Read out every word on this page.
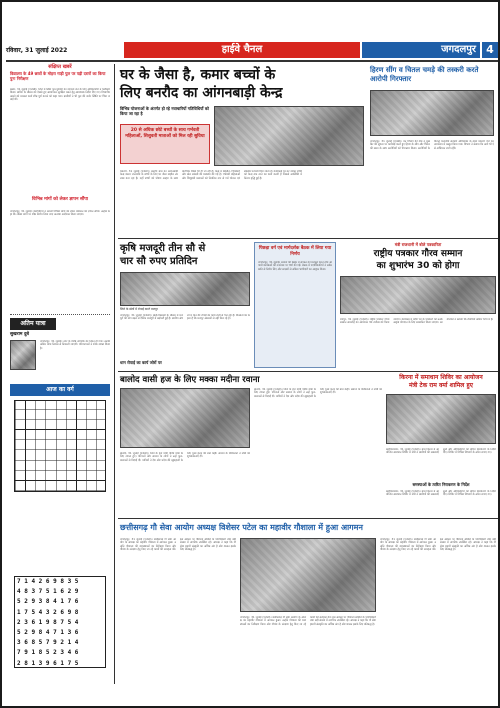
रविवार, 31 जुलाई 2022	हाईवे चैनल	जगदलपुर 4
संक्षिप्त खबरें
विद्यालय के 49 छात्रों के मोहरा गाड़ी पुल पर पड़ी दरारों का किया पुनः निरीक्षण
बस्तर, 31 जुलाई (एजेंसी)। जिले में स्थित पुल-पुलियों का जायजा लेने के लिए अधिकारियों ने निरीक्षण किया। बारिश के मौसम को देखते हुए आवागमन सुरक्षित रखने हेतु आवश्यक निर्देश दिए गए। विभागीय अमले को मरम्मत कार्य शीघ्र पूर्ण कराने को कहा गया। ग्रामीणों ने भी पुल की जर्जर स्थिति पर चिंता जताई थी।
विभिन्न मांगों को लेकर ज्ञापन सौंपा
जगदलपुर, 31 जुलाई। कर्मचारियों ने अपनी विभिन्न मांगों को लेकर प्रशासन को ज्ञापन सौंपा। उन्होंने कहा कि लंबित मांगों पर शीघ्र निर्णय लिया जाए अन्यथा आंदोलन किया जाएगा।
अतिम यात्रा
सुखराम दुबे
जगदलपुर, 31 जुलाई। नगर के वरिष्ठ नागरिक का निधन हो गया। उनकी अंतिम यात्रा निवास से निकाली जाएगी। परिवारजनों ने शोक व्यक्त किया है।
आज का वर्ग
7 1 4 2 6 9 8 3 5
4 8 3 7 5 1 6 2 9
5 2 9 3 8 4 1 7 6
1 7 5 4 3 2 6 9 8
2 3 6 1 9 8 7 5 4
5 2 9 8 4 7 1 3 6
3 6 8 5 7 9 2 1 4
7 9 1 8 5 2 3 4 6
2 8 1 3 9 6 1 7 5
घर के जैसा है, कमार बच्चों के
लिए बनरौद का आंगनबाड़ी केन्द्र
विभिन्न योजनाओं के अंतर्गत हो रहे नवाचारियों गतिविधियाँ को किया जा रहा है
20 से अधिक छोटे बच्चों के साथ गर्भवती महिलाओं, शिशुवती माताओं को मिल रही सुविधा
धमतरी, 31 जुलाई (एजेंसी)। बनरौद ग्राम का आंगनबाड़ी केन्द्र कमार जनजाति के बच्चों के लिए घर जैसा माहौल उपलब्ध करा रहा है। यहाँ बच्चों को पोषण आहार के साथ प्रारंभिक शिक्षा भी दी जा रही है। केन्द्र में खिलौने, चित्रकारी और खेल सामग्री की व्यवस्था की गई है। गर्भवती महिलाओं और शिशुवती माताओं को नियमित रूप से गर्म भोजन एवं स्वास्थ्य परामर्श दिया जाता है। कार्यकर्ता घर-घर जाकर बच्चों को केन्द्र तक लाने का कार्य करती हैं जिससे उपस्थिति में निरंतर वृद्धि हुई है।
हिरण सींग व चितल चमड़े की तस्करी करते आरोपी गिरफ्तार
जगदलपुर, 31 जुलाई (एजेंसी)। वन विभाग की टीम ने मुखबिर की सूचना पर कार्रवाई करते हुए हिरण के सींग और चितल की खाल के साथ आरोपियों को गिरफ्तार किया। आरोपियों के विरुद्ध वन्यजीव संरक्षण अधिनियम के तहत प्रकरण दर्ज कर न्यायालय में प्रस्तुत किया गया। विभाग ने बताया कि आगे भी ऐसे अभियान जारी रहेंगे।
कृषि मजदूरी तीन सौ से
चार सौ रुपए प्रतिदिन
जिले के खेतों में रोपाई करते मजदूर
जगदलपुर, 31 जुलाई (एजेंसी)। खेती-किसानी के मौसम में मजदूरों की मांग बढ़ने से दैनिक मजदूरी में बढ़ोतरी हुई है। ग्रामीण अंचलों में धान की रोपाई का कार्य तेजी से चल रहा है। किसानों का कहना है कि मजदूर आसानी से नहीं मिल रहे हैं।
धान रोपाई का कार्य जोरों पर
पिछड़ा वर्ग एवं मार्गदर्शक बैठक में लिया गया निर्णय
जगदलपुर, 31 जुलाई। समाज की बैठक में संगठन को मजबूत करने तथा आगामी कार्यक्रमों की रूपरेखा पर चर्चा की गई। बैठक में पदाधिकारियों ने सर्वसम्मति से निर्णय लिए और सदस्यों से सक्रिय भागीदारी का आह्वान किया।
मंत्री राजधानी में बोले पत्रकारिता
राष्ट्रीय पत्रकार गौरव सम्मान
का शुभारंभ 30 को होगा
रायपुर, 31 जुलाई (एजेंसी)। राष्ट्रीय पत्रकार गौरव सम्मान समारोह का आयोजन 30 तारीख को किया जाएगा। कार्यक्रम में प्रदेश भर के पत्रकारों को उनके उत्कृष्ट योगदान के लिए सम्मानित किया जाएगा। आयोजकों ने बताया कि तैयारियाँ अंतिम चरण में हैं।
बालोद वासी हज के लिए मक्का मदीना रवाना
बालोद, 31 जुलाई (एजेंसी)। जिले के हज यात्री पवित्र यात्रा के लिए रवाना हुए। परिजनों और समाज के लोगों ने उन्हें फूल-मालाओं से विदाई दी। यात्रियों ने देश और प्रदेश की खुशहाली के लिए दुआ करने की बात कही। समाज के वरिष्ठजनों ने सभी को शुभकामनाएँ दीं।
बालोद, 31 जुलाई (एजेंसी)। जिले के हज यात्री पवित्र यात्रा के लिए रवाना हुए। परिजनों और समाज के लोगों ने उन्हें फूल-मालाओं से विदाई दी। यात्रियों ने देश और प्रदेश की खुशहाली के लिए दुआ करने की बात कही। समाज के वरिष्ठजनों ने सभी को शुभकामनाएँ दीं।
किरना में समाधान शिविर का आयोजन
मंत्री टेक राम वर्मा शामिल हुए
बलौदाबाजार, 31 जुलाई (एजेंसी)। ग्राम किरना में आयोजित समाधान शिविर में मंत्री ने ग्रामीणों की समस्याएँ सुनीं और अधिकारियों को त्वरित निराकरण के निर्देश दिए। शिविर में विभिन्न विभागों के स्टॉल लगाए गए।
समस्याओं के त्वरित निराकरण के निर्देश
बलौदाबाजार, 31 जुलाई (एजेंसी)। ग्राम किरना में आयोजित समाधान शिविर में मंत्री ने ग्रामीणों की समस्याएँ सुनीं और अधिकारियों को त्वरित निराकरण के निर्देश दिए। शिविर में विभिन्न विभागों के स्टॉल लगाए गए।
छत्तीसगढ़ गौ सेवा आयोग अध्यक्ष विशेसर पटेल का महावीर गौशाला में हुआ आगमन
जगदलपुर, 31 जुलाई (एजेंसी)। छत्तीसगढ़ गौ सेवा आयोग के अध्यक्ष का महावीर गौशाला में आगमन हुआ। उन्होंने गौशाला की व्यवस्थाओं का निरीक्षण किया और गौवंश के संरक्षण हेतु किए जा रहे कार्यों की सराहना की। इस अवसर पर गौशाला समिति के पदाधिकारी तथा बड़ी संख्या में नागरिक उपस्थित रहे। अध्यक्ष ने कहा कि गौ सेवा हमारी संस्कृति का अभिन्न अंग है और शासन इसके लिए प्रतिबद्ध है।
जगदलपुर, 31 जुलाई (एजेंसी)। छत्तीसगढ़ गौ सेवा आयोग के अध्यक्ष का महावीर गौशाला में आगमन हुआ। उन्होंने गौशाला की व्यवस्थाओं का निरीक्षण किया और गौवंश के संरक्षण हेतु किए जा रहे कार्यों की सराहना की। इस अवसर पर गौशाला समिति के पदाधिकारी तथा बड़ी संख्या में नागरिक उपस्थित रहे। अध्यक्ष ने कहा कि गौ सेवा हमारी संस्कृति का अभिन्न अंग है और शासन इसके लिए प्रतिबद्ध है।
जगदलपुर, 31 जुलाई (एजेंसी)। छत्तीसगढ़ गौ सेवा आयोग के अध्यक्ष का महावीर गौशाला में आगमन हुआ। उन्होंने गौशाला की व्यवस्थाओं का निरीक्षण किया और गौवंश के संरक्षण हेतु किए जा रहे कार्यों की सराहना की। इस अवसर पर गौशाला समिति के पदाधिकारी तथा बड़ी संख्या में नागरिक उपस्थित रहे। अध्यक्ष ने कहा कि गौ सेवा हमारी संस्कृति का अभिन्न अंग है और शासन इसके लिए प्रतिबद्ध है।
